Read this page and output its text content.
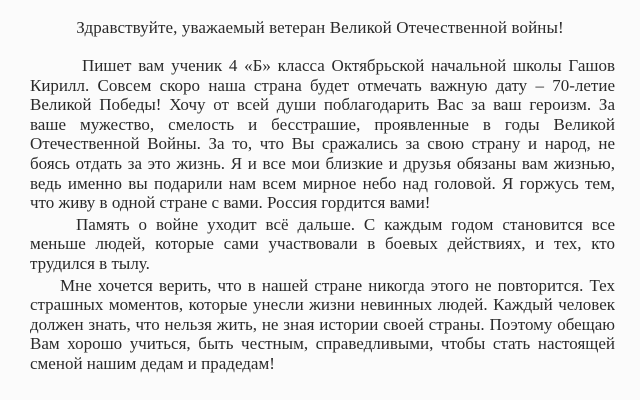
Здравствуйте, уважаемый ветеран Великой Отечественной войны!

Пишет вам ученик 4 «Б» класса Октябрьской начальной школы Гашов Кирилл. Совсем скоро наша страна будет отмечать важную дату – 70-летие Великой Победы! Хочу от всей души поблагодарить Вас за ваш героизм. За ваше мужество, смелость и бесстрашие, проявленные в годы Великой Отечественной Войны. За то, что Вы сражались за свою страну и народ, не боясь отдать за это жизнь. Я и все мои близкие и друзья обязаны вам жизнью, ведь именно вы подарили нам всем мирное небо над головой. Я горжусь тем, что живу в одной стране с вами. Россия гордится вами!

Память о войне уходит всё дальше. С каждым годом становится все меньше людей, которые сами участвовали в боевых действиях, и тех, кто трудился в тылу.

Мне хочется верить, что в нашей стране никогда этого не повторится. Тех страшных моментов, которые унесли жизни невинных людей. Каждый человек должен знать, что нельзя жить, не зная истории своей страны. Поэтому обещаю Вам хорошо учиться, быть честным, справедливыми, чтобы стать настоящей сменой нашим дедам и прадедам!
